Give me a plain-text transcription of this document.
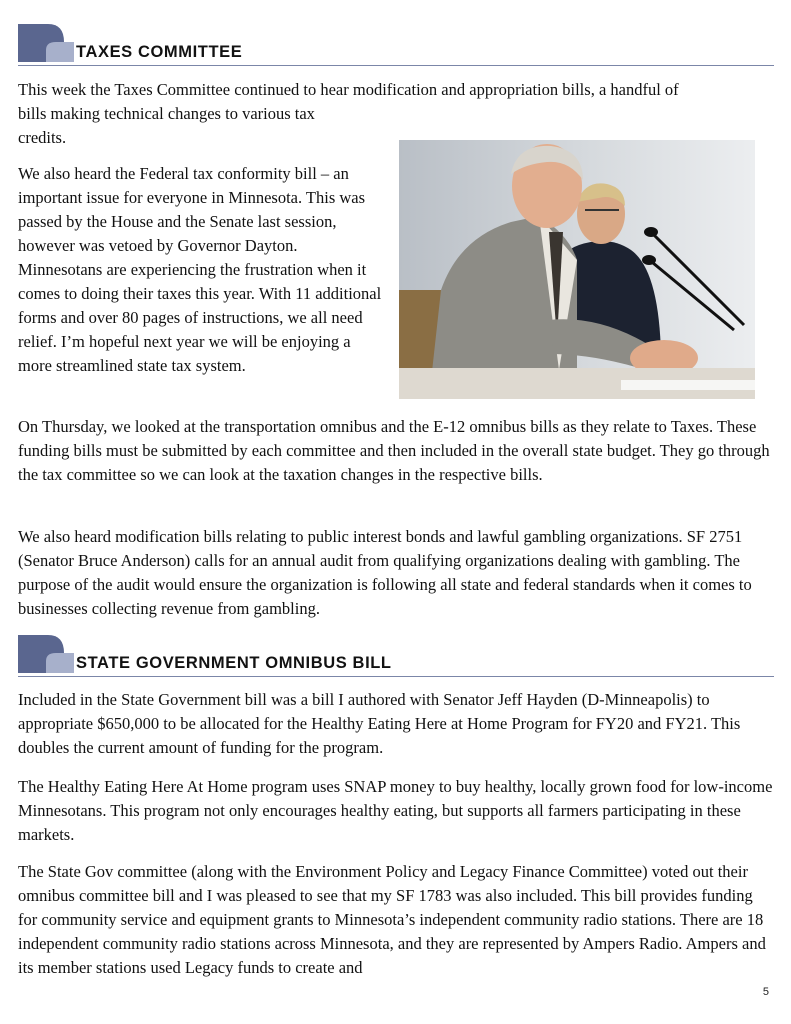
TAXES COMMITTEE

This week the Taxes Committee continued to hear modification and appropriation bills, a handful of
bills making technical changes to various tax
credits.

We also heard the Federal tax conformity bill – an important issue for everyone in Minnesota. This was passed by the House and the Senate last session, however was vetoed by Governor Dayton. Minnesotans are experiencing the frustration when it comes to doing their taxes this year. With 11 additional forms and over 80 pages of instructions, we all need relief. I’m hopeful next year we will be enjoying a more streamlined state tax system.

On Thursday, we looked at the transportation omnibus and the E-12 omnibus bills as they relate to Taxes. These funding bills must be submitted by each committee and then included in the overall state budget. They go through the tax committee so we can look at the taxation changes in the respective bills.

We also heard modification bills relating to public interest bonds and lawful gambling organizations. SF 2751 (Senator Bruce Anderson) calls for an annual audit from qualifying organizations dealing with gambling. The purpose of the audit would ensure the organization is following all state and federal standards when it comes to businesses collecting revenue from gambling.

STATE GOVERNMENT OMNIBUS BILL

Included in the State Government bill was a bill I authored with Senator Jeff Hayden (D-Minneapolis) to appropriate $650,000 to be allocated for the Healthy Eating Here at Home Program for FY20 and FY21. This doubles the current amount of funding for the program.

The Healthy Eating Here At Home program uses SNAP money to buy healthy, locally grown food for low-income Minnesotans. This program not only encourages healthy eating, but supports all farmers participating in these markets.

The State Gov committee (along with the Environment Policy and Legacy Finance Committee) voted out their omnibus committee bill and I was pleased to see that my SF 1783 was also included. This bill provides funding for community service and equipment grants to Minnesota’s independent community radio stations. There are 18 independent community radio stations across Minnesota, and they are represented by Ampers Radio. Ampers and its member stations used Legacy funds to create and

5
